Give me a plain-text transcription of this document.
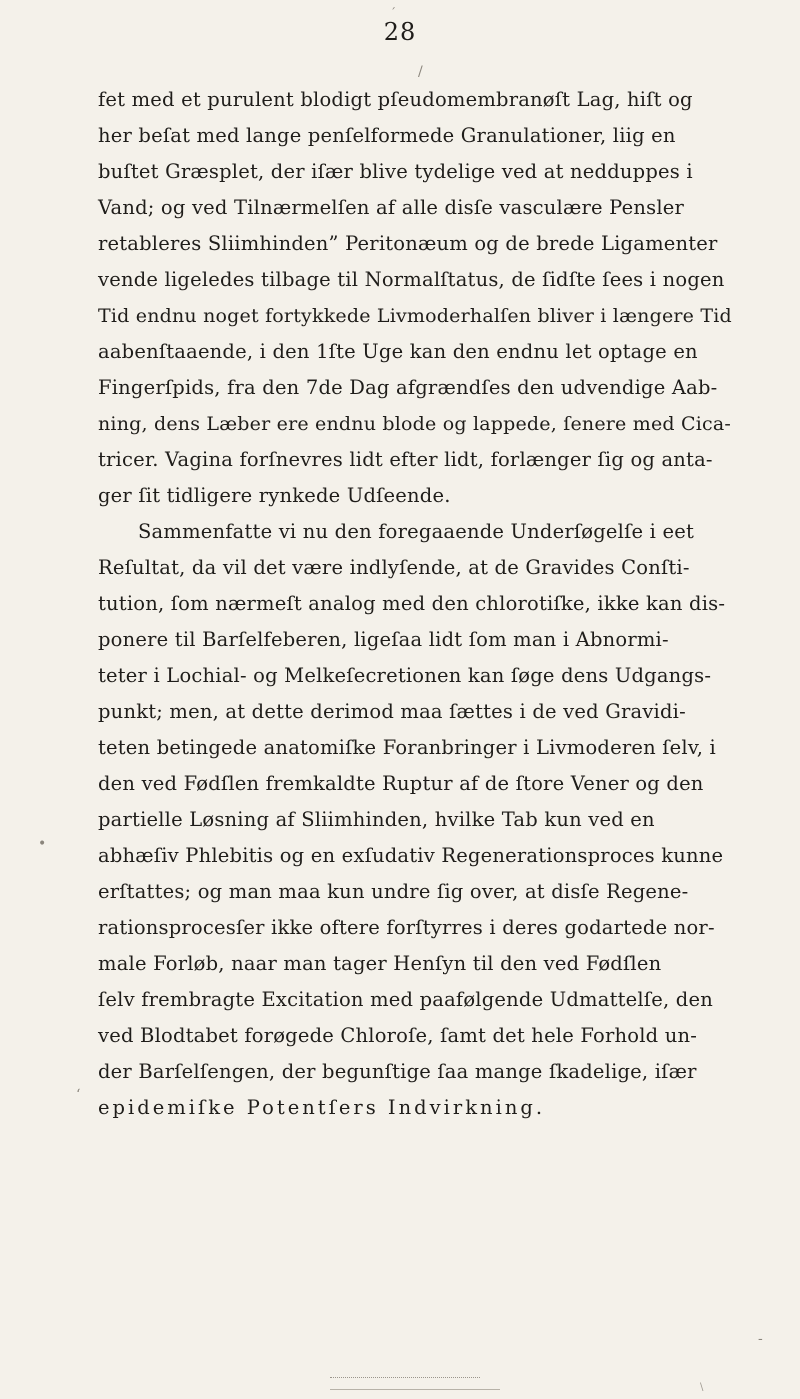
´
28
/
fet med et purulent blodigt pſeudomembranøſt Lag, hiſt og
her beſat med lange penſelformede Granulationer, liig en
buſtet Græsplet, der iſær blive tydelige ved at nedduppes i
Vand; og ved Tilnærmelſen af alle disſe vasculære Pensler
retableres Sliimhinden” Peritonæum og de brede Ligamenter
vende ligeledes tilbage til Normalſtatus, de ſidſte ſees i nogen
Tid endnu noget fortykkede Livmoderhalſen bliver i længere Tid
aabenſtaaende, i den 1ſte Uge kan den endnu let optage en
Fingerſpids, fra den 7de Dag afgrændſes den udvendige Aab-
ning, dens Læber ere endnu blode og lappede, ſenere med Cica-
tricer. Vagina forſnevres lidt efter lidt, forlænger ſig og anta-
ger ſit tidligere rynkede Udſeende.
Sammenfatte vi nu den foregaaende Underſøgelſe i eet
Reſultat, da vil det være indlyſende, at de Gravides Conſti-
tution, ſom nærmeſt analog med den chlorotiſke, ikke kan dis-
ponere til Barſelfeberen, ligeſaa lidt ſom man i Abnormi-
teter i Lochial- og Melkeſecretionen kan ſøge dens Udgangs-
punkt; men, at dette derimod maa ſættes i de ved Gravidi-
teten betingede anatomiſke Foranbringer i Livmoderen ſelv, i
den ved Fødſlen fremkaldte Ruptur af de ſtore Vener og den
partielle Løsning af Sliimhinden, hvilke Tab kun ved en
abhæſiv Phlebitis og en exſudativ Regenerationsproces kunne
erſtattes; og man maa kun undre ſig over, at disſe Regene-
rationsprocesſer ikke oftere forſtyrres i deres godartede nor-
male Forløb, naar man tager Henſyn til den ved Fødſlen
ſelv frembragte Excitation med paafølgende Udmattelſe, den
ved Blodtabet forøgede Chloroſe, ſamt det hele Forhold un-
der Barſelſengen, der begunſtige ſaa mange ſkadelige, iſær
epidemiſke Potentſers Indvirkning.
•
‘
-
\
